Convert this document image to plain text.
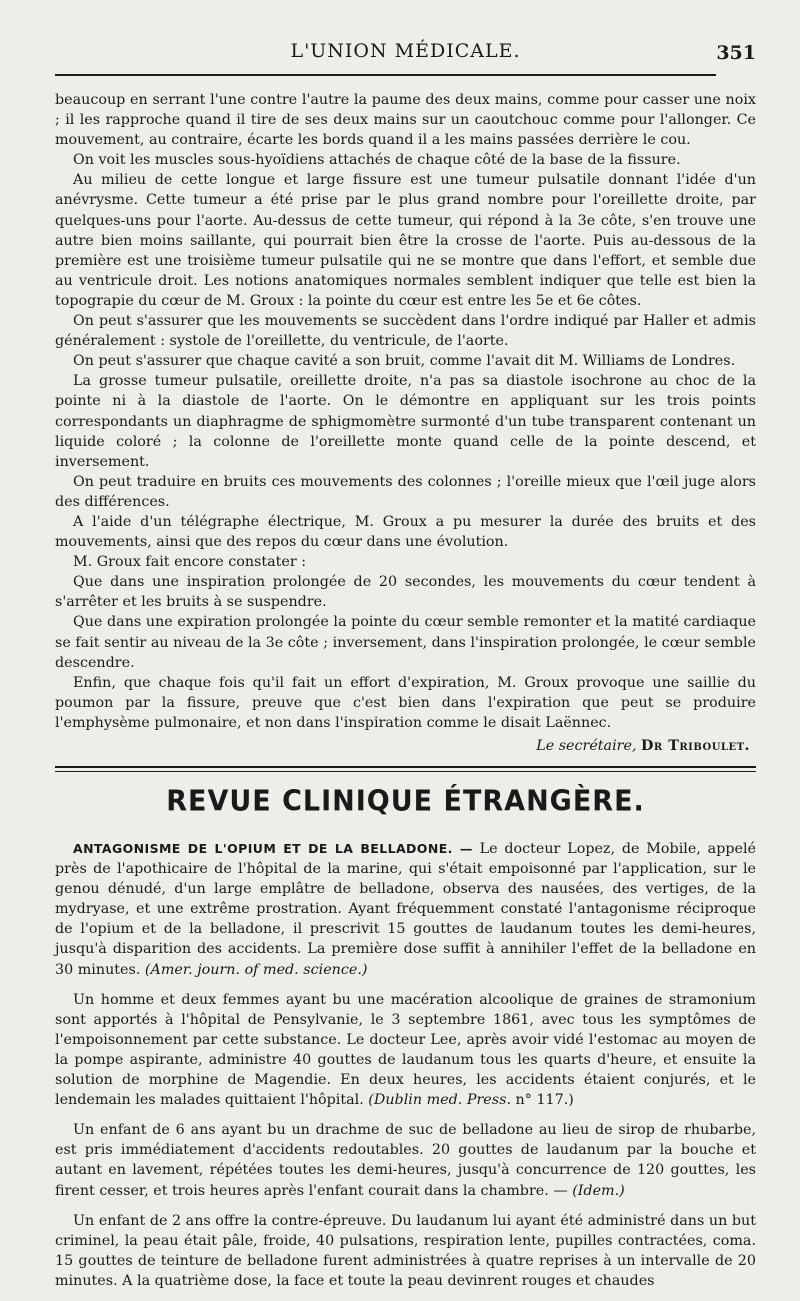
L'UNION MÉDICALE.	351

beaucoup en serrant l'une contre l'autre la paume des deux mains, comme pour casser une noix ; il les rapproche quand il tire de ses deux mains sur un caoutchouc comme pour l'allonger. Ce mouvement, au contraire, écarte les bords quand il a les mains passées derrière le cou.

On voit les muscles sous-hyoïdiens attachés de chaque côté de la base de la fissure.

Au milieu de cette longue et large fissure est une tumeur pulsatile donnant l'idée d'un anévrysme. Cette tumeur a été prise par le plus grand nombre pour l'oreillette droite, par quelques-uns pour l'aorte. Au-dessus de cette tumeur, qui répond à la 3e côte, s'en trouve une autre bien moins saillante, qui pourrait bien être la crosse de l'aorte. Puis au-dessous de la première est une troisième tumeur pulsatile qui ne se montre que dans l'effort, et semble due au ventricule droit. Les notions anatomiques normales semblent indiquer que telle est bien la topograpie du cœur de M. Groux : la pointe du cœur est entre les 5e et 6e côtes.

On peut s'assurer que les mouvements se succèdent dans l'ordre indiqué par Haller et admis généralement : systole de l'oreillette, du ventricule, de l'aorte.

On peut s'assurer que chaque cavité a son bruit, comme l'avait dit M. Williams de Londres.

La grosse tumeur pulsatile, oreillette droite, n'a pas sa diastole isochrone au choc de la pointe ni à la diastole de l'aorte. On le démontre en appliquant sur les trois points correspondants un diaphragme de sphigmomètre surmonté d'un tube transparent contenant un liquide coloré ; la colonne de l'oreillette monte quand celle de la pointe descend, et inversement.

On peut traduire en bruits ces mouvements des colonnes ; l'oreille mieux que l'œil juge alors des différences.

A l'aide d'un télégraphe électrique, M. Groux a pu mesurer la durée des bruits et des mouvements, ainsi que des repos du cœur dans une évolution.

M. Groux fait encore constater :

Que dans une inspiration prolongée de 20 secondes, les mouvements du cœur tendent à s'arrêter et les bruits à se suspendre.

Que dans une expiration prolongée la pointe du cœur semble remonter et la matité cardiaque se fait sentir au niveau de la 3e côte ; inversement, dans l'inspiration prolongée, le cœur semble descendre.

Enfin, que chaque fois qu'il fait un effort d'expiration, M. Groux provoque une saillie du poumon par la fissure, preuve que c'est bien dans l'expiration que peut se produire l'emphysème pulmonaire, et non dans l'inspiration comme le disait Laënnec.

Le secrétaire, Dr Triboulet.
REVUE CLINIQUE ÉTRANGÈRE.

ANTAGONISME DE L'OPIUM ET DE LA BELLADONE. — Le docteur Lopez, de Mobile, appelé près de l'apothicaire de l'hôpital de la marine, qui s'était empoisonné par l'application, sur le genou dénudé, d'un large emplâtre de belladone, observa des nausées, des vertiges, de la mydryase, et une extrême prostration. Ayant fréquemment constaté l'antagonisme réciproque de l'opium et de la belladone, il prescrivit 15 gouttes de laudanum toutes les demi-heures, jusqu'à disparition des accidents. La première dose suffit à annihiler l'effet de la belladone en 30 minutes. (Amer. journ. of med. science.)

Un homme et deux femmes ayant bu une macération alcoolique de graines de stramonium sont apportés à l'hôpital de Pensylvanie, le 3 septembre 1861, avec tous les symptômes de l'empoisonnement par cette substance. Le docteur Lee, après avoir vidé l'estomac au moyen de la pompe aspirante, administre 40 gouttes de laudanum tous les quarts d'heure, et ensuite la solution de morphine de Magendie. En deux heures, les accidents étaient conjurés, et le lendemain les malades quittaient l'hôpital. (Dublin med. Press. n° 117.)

Un enfant de 6 ans ayant bu un drachme de suc de belladone au lieu de sirop de rhubarbe, est pris immédiatement d'accidents redoutables. 20 gouttes de laudanum par la bouche et autant en lavement, répétées toutes les demi-heures, jusqu'à concurrence de 120 gouttes, les firent cesser, et trois heures après l'enfant courait dans la chambre. — (Idem.)

Un enfant de 2 ans offre la contre-épreuve. Du laudanum lui ayant été administré dans un but criminel, la peau était pâle, froide, 40 pulsations, respiration lente, pupilles contractées, coma. 15 gouttes de teinture de belladone furent administrées à quatre reprises à un intervalle de 20 minutes. A la quatrième dose, la face et toute la peau devinrent rouges et chaudes
